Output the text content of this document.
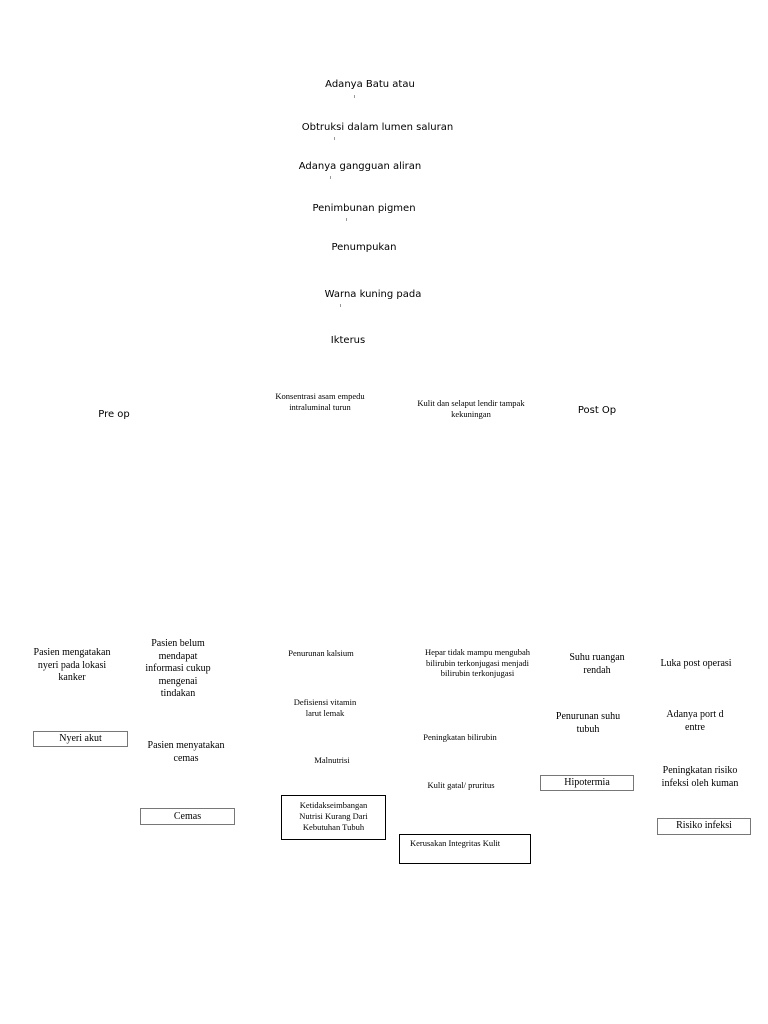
Adanya Batu atau
Obtruksi dalam lumen saluran
Adanya gangguan aliran
Penimbunan pigmen
Penumpukan
Warna kuning pada
Ikterus
Konsentrasi asam empedu
intraluminal turun	Kulit dan selaput lendir tampak
kekuningan
Pre op	Post Op
Pasien mengatakan
nyeri pada lokasi
kanker
Nyeri akut
Pasien belum
mendapat
informasi cukup
mengenai
tindakan
Pasien menyatakan
cemas
Cemas
Penurunan kalsium
Defisiensi vitamin
larut lemak
Malnutrisi
Ketidakseimbangan
Nutrisi Kurang Dari
Kebutuhan Tubuh
Hepar tidak mampu mengubah
bilirubin terkonjugasi menjadi
bilirubin terkonjugasi
Peningkatan bilirubin
Kulit gatal/ pruritus
Kerusakan Integritas Kulit
Suhu ruangan
rendah
Penurunan suhu
tubuh
Hipotermia
Luka post operasi
Adanya port d
entre
Peningkatan risiko
infeksi oleh kuman
Risiko infeksi
